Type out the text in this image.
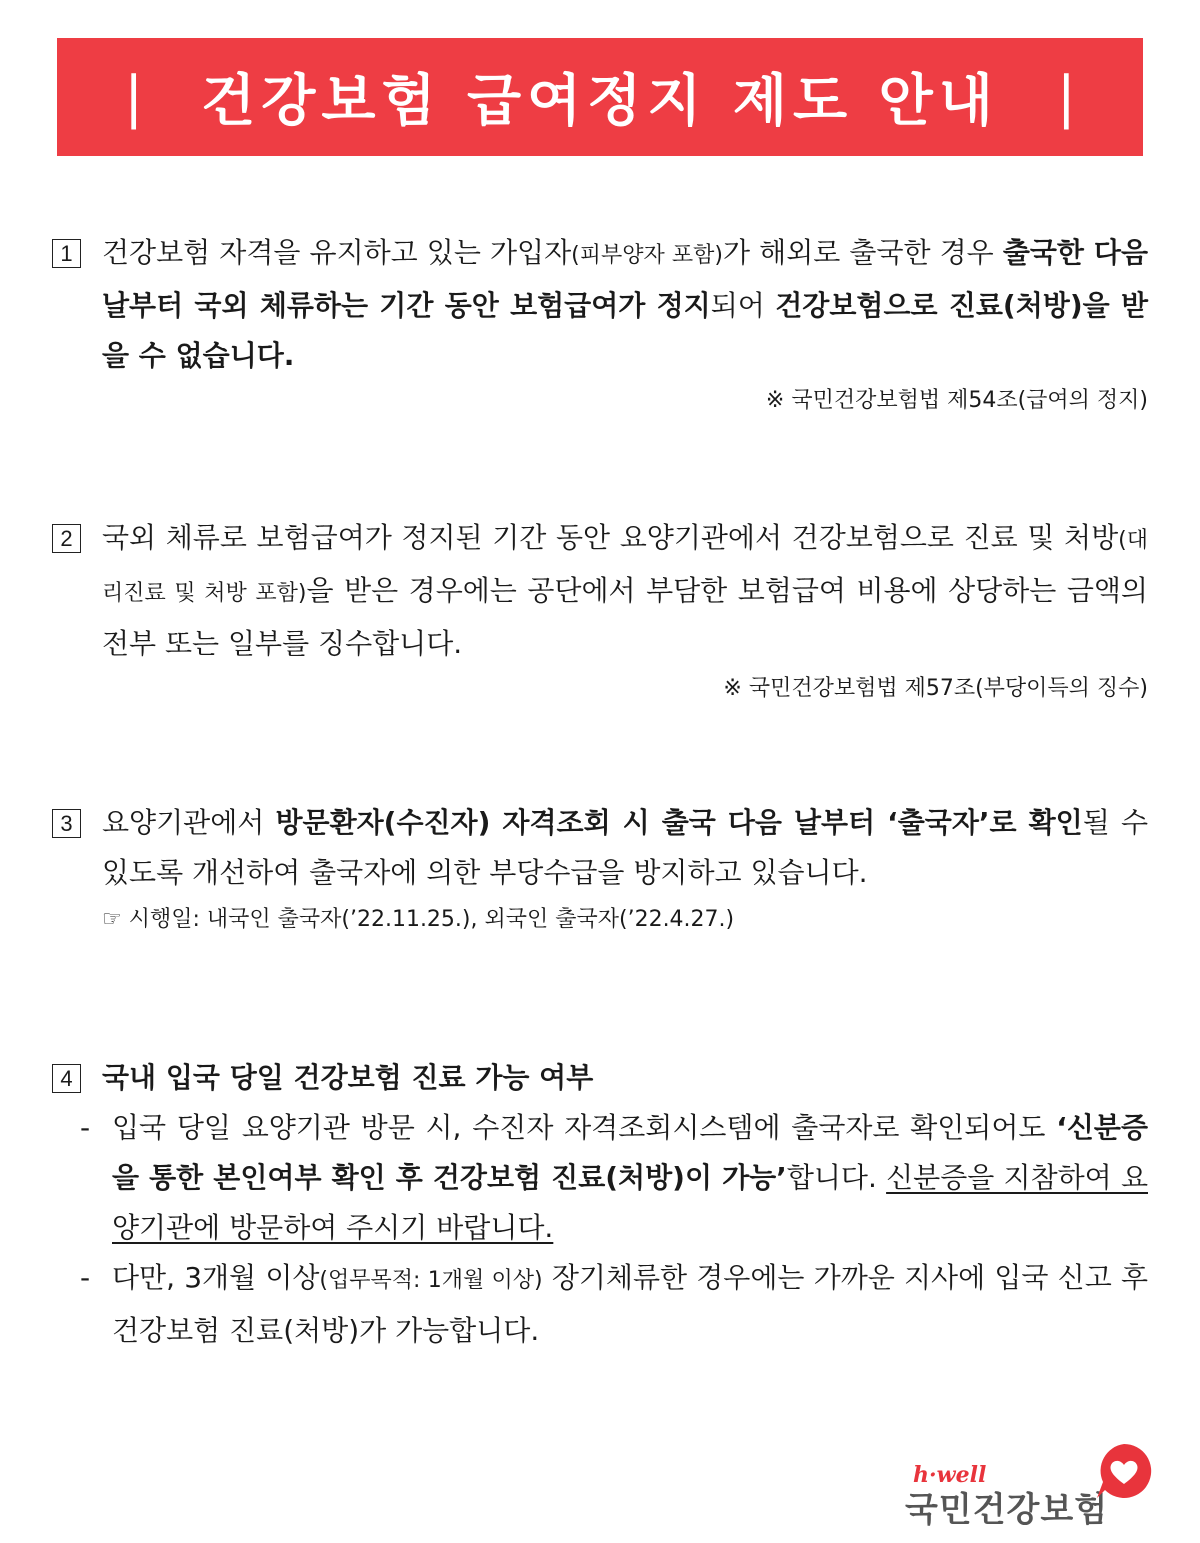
| 건강보험 급여정지 제도 안내 |
1 건강보험 자격을 유지하고 있는 가입자(피부양자 포함)가 해외로 출국한 경우 출국한 다음 날부터 국외 체류하는 기간 동안 보험급여가 정지되어 건강보험으로 진료(처방)을 받을 수 없습니다.
※ 국민건강보험법 제54조(급여의 정지)
2 국외 체류로 보험급여가 정지된 기간 동안 요양기관에서 건강보험으로 진료 및 처방(대리진료 및 처방 포함)을 받은 경우에는 공단에서 부담한 보험급여 비용에 상당하는 금액의 전부 또는 일부를 징수합니다.
※ 국민건강보험법 제57조(부당이득의 징수)
3 요양기관에서 방문환자(수진자) 자격조회 시 출국 다음 날부터 ‘출국자’로 확인될 수 있도록 개선하여 출국자에 의한 부당수급을 방지하고 있습니다.
☞ 시행일: 내국인 출국자(’22.11.25.), 외국인 출국자(’22.4.27.)
4 국내 입국 당일 건강보험 진료 가능 여부
- 입국 당일 요양기관 방문 시, 수진자 자격조회시스템에 출국자로 확인되어도 ‘신분증을 통한 본인여부 확인 후 건강보험 진료(처방)이 가능’합니다. 신분증을 지참하여 요양기관에 방문하여 주시기 바랍니다.
- 다만, 3개월 이상(업무목적: 1개월 이상) 장기체류한 경우에는 가까운 지사에 입국 신고 후 건강보험 진료(처방)가 가능합니다.
h·well
국민건강보험
